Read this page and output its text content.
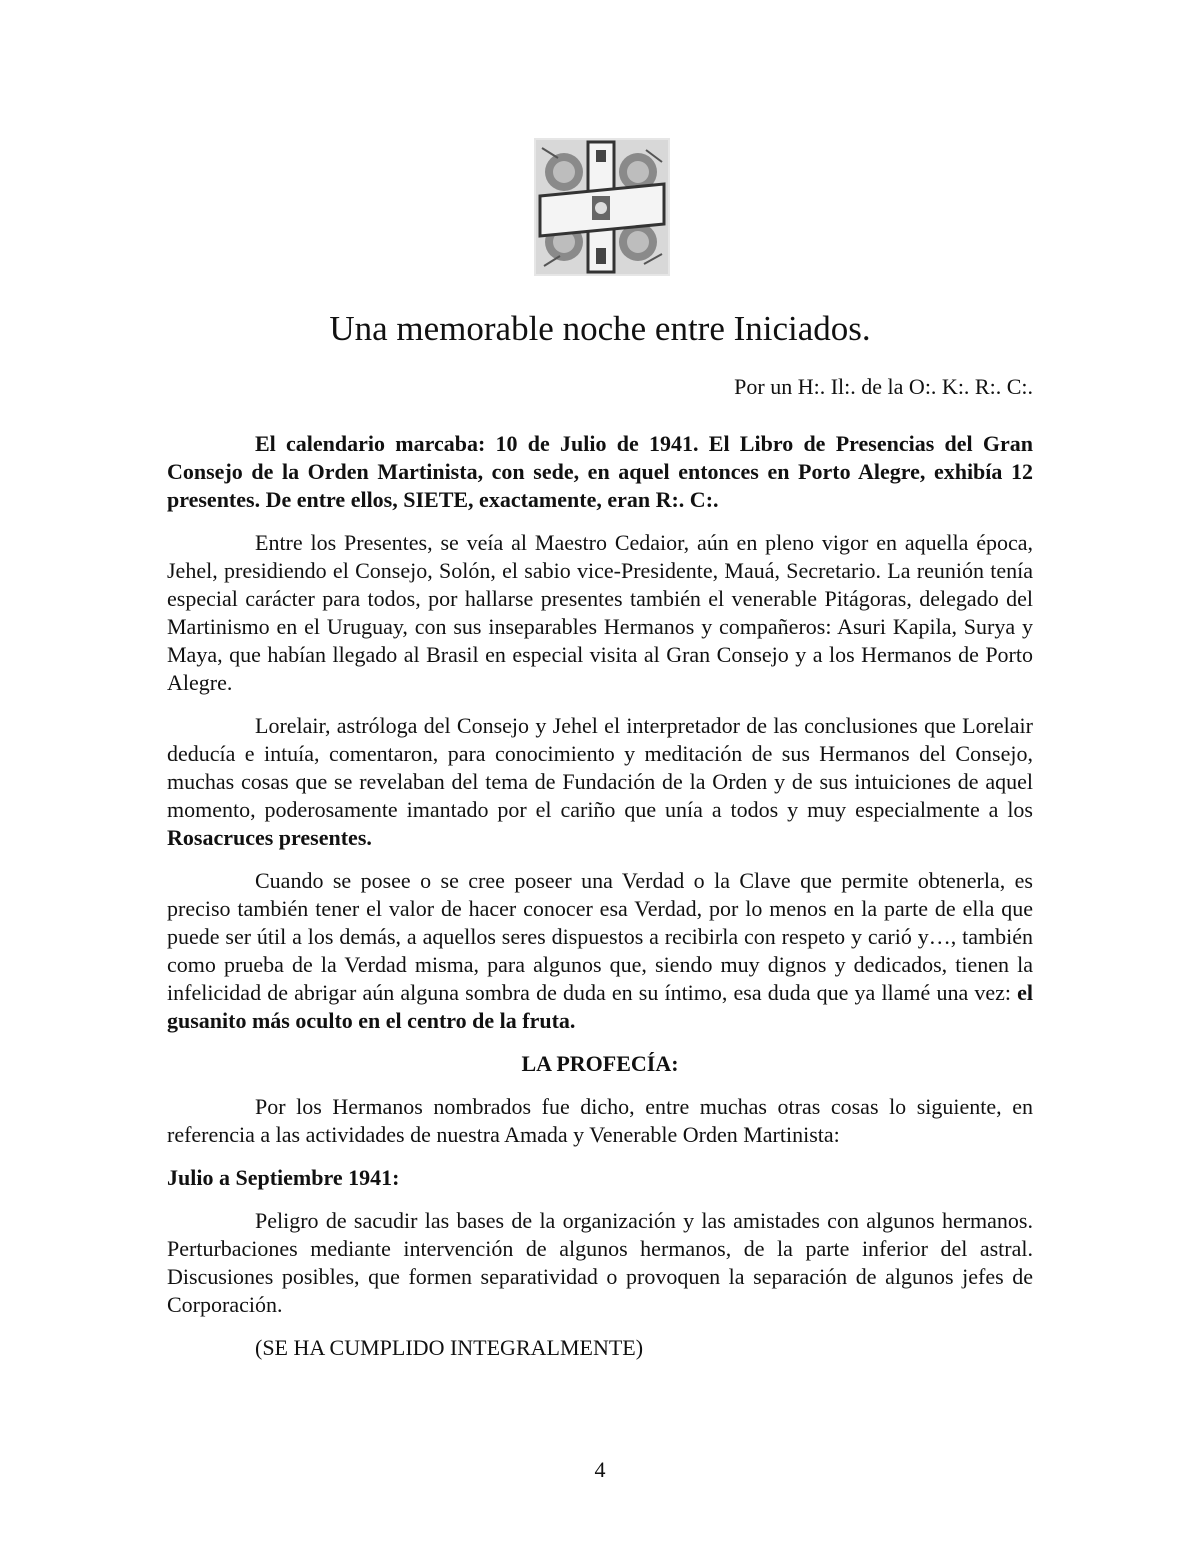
Una memorable noche entre Iniciados.
Por un H:. Il:. de la O:. K:. R:. C:.

El calendario marcaba: 10 de Julio de 1941. El Libro de Presencias del Gran Consejo de la Orden Martinista, con sede, en aquel entonces en Porto Alegre, exhibía 12 presentes. De entre ellos, SIETE, exactamente, eran R:. C:.

Entre los Presentes, se veía al Maestro Cedaior, aún en pleno vigor en aquella época, Jehel, presidiendo el Consejo, Solón, el sabio vice-Presidente, Mauá, Secretario. La reunión tenía especial carácter para todos, por hallarse presentes también el venerable Pitágoras, delegado del Martinismo en el Uruguay, con sus inseparables Hermanos y compañeros: Asuri Kapila, Surya y Maya, que habían llegado al Brasil en especial visita al Gran Consejo y a los Hermanos de Porto Alegre.

Lorelair, astróloga del Consejo y Jehel el interpretador de las conclusiones que Lorelair deducía e intuía, comentaron, para conocimiento y meditación de sus Hermanos del Consejo, muchas cosas que se revelaban del tema de Fundación de la Orden y de sus intuiciones de aquel momento, poderosamente imantado por el cariño que unía a todos y muy especialmente a los Rosacruces presentes.

Cuando se posee o se cree poseer una Verdad o la Clave que permite obtenerla, es preciso también tener el valor de hacer conocer esa Verdad, por lo menos en la parte de ella que puede ser útil a los demás, a aquellos seres dispuestos a recibirla con respeto y carió y…, también como prueba de la Verdad misma, para algunos que, siendo muy dignos y dedicados, tienen la infelicidad de abrigar aún alguna sombra de duda en su íntimo, esa duda que ya llamé una vez: el gusanito más oculto en el centro de la fruta.

LA PROFECÍA:

Por los Hermanos nombrados fue dicho, entre muchas otras cosas lo siguiente, en referencia a las actividades de nuestra Amada y Venerable Orden Martinista:

Julio a Septiembre 1941:

Peligro de sacudir las bases de la organización y las amistades con algunos hermanos. Perturbaciones mediante intervención de algunos hermanos, de la parte inferior del astral. Discusiones posibles, que formen separatividad o provoquen la separación de algunos jefes de Corporación.

(SE HA CUMPLIDO INTEGRALMENTE)

4
